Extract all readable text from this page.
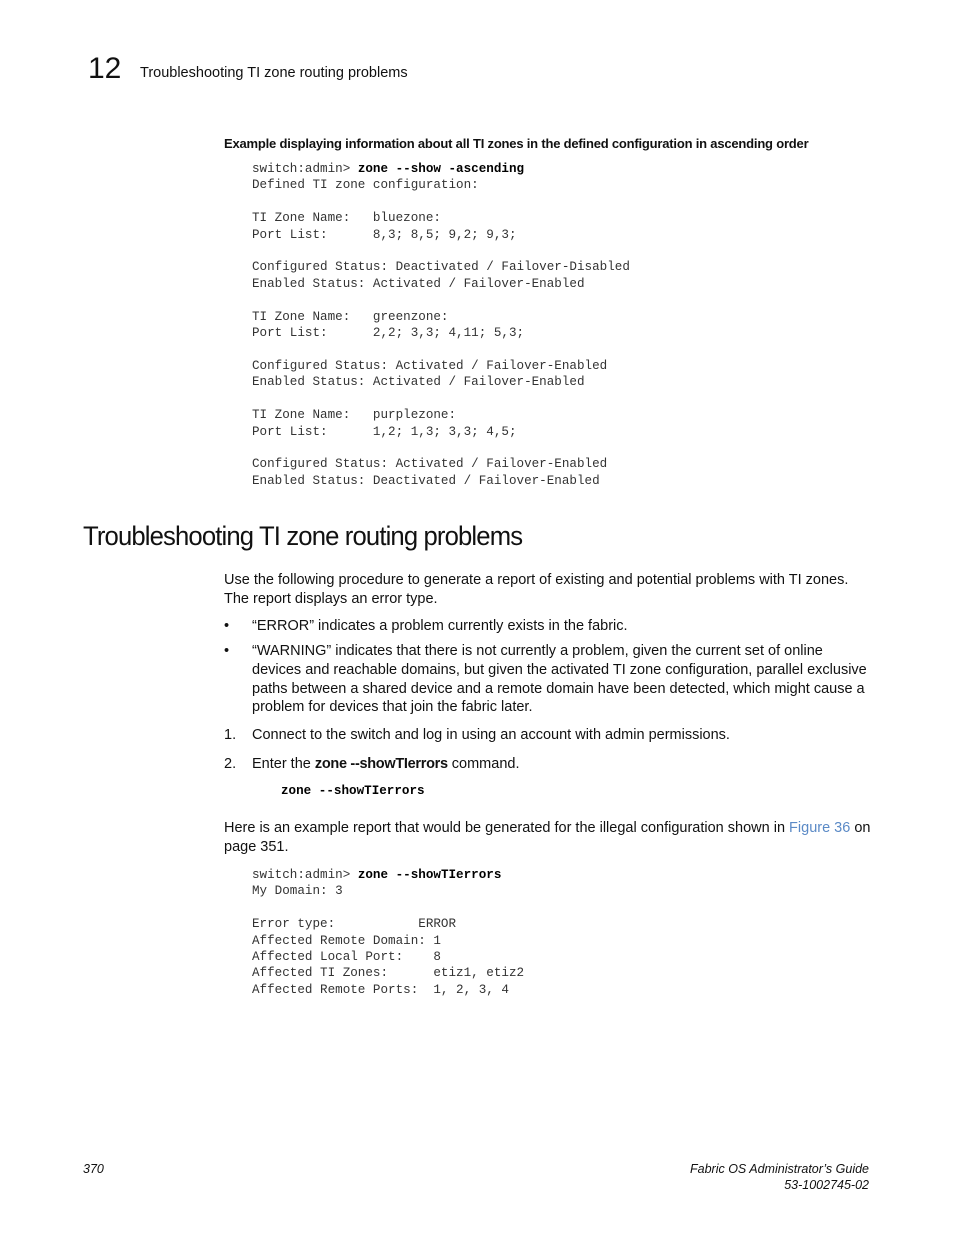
12 Troubleshooting TI zone routing problems
Example displaying information about all TI zones in the defined configuration in ascending order
switch:admin> zone --show -ascending
Defined TI zone configuration:

TI Zone Name:   bluezone:
Port List:      8,3; 8,5; 9,2; 9,3;

Configured Status: Deactivated / Failover-Disabled
Enabled Status: Activated / Failover-Enabled

TI Zone Name:   greenzone:
Port List:      2,2; 3,3; 4,11; 5,3;

Configured Status: Activated / Failover-Enabled
Enabled Status: Activated / Failover-Enabled

TI Zone Name:   purplezone:
Port List:      1,2; 1,3; 3,3; 4,5;

Configured Status: Activated / Failover-Enabled
Enabled Status: Deactivated / Failover-Enabled
Troubleshooting TI zone routing problems
Use the following procedure to generate a report of existing and potential problems with TI zones. The report displays an error type.
•	“ERROR” indicates a problem currently exists in the fabric.
•	“WARNING” indicates that there is not currently a problem, given the current set of online devices and reachable domains, but given the activated TI zone configuration, parallel exclusive paths between a shared device and a remote domain have been detected, which might cause a problem for devices that join the fabric later.
1.	Connect to the switch and log in using an account with admin permissions.
2.	Enter the zone --showTIerrors command.
zone --showTIerrors
Here is an example report that would be generated for the illegal configuration shown in Figure 36 on page 351.
switch:admin> zone --showTIerrors
My Domain: 3

Error type:           ERROR
Affected Remote Domain: 1
Affected Local Port:    8
Affected TI Zones:      etiz1, etiz2
Affected Remote Ports:  1, 2, 3, 4
370	Fabric OS Administrator’s Guide
53-1002745-02
